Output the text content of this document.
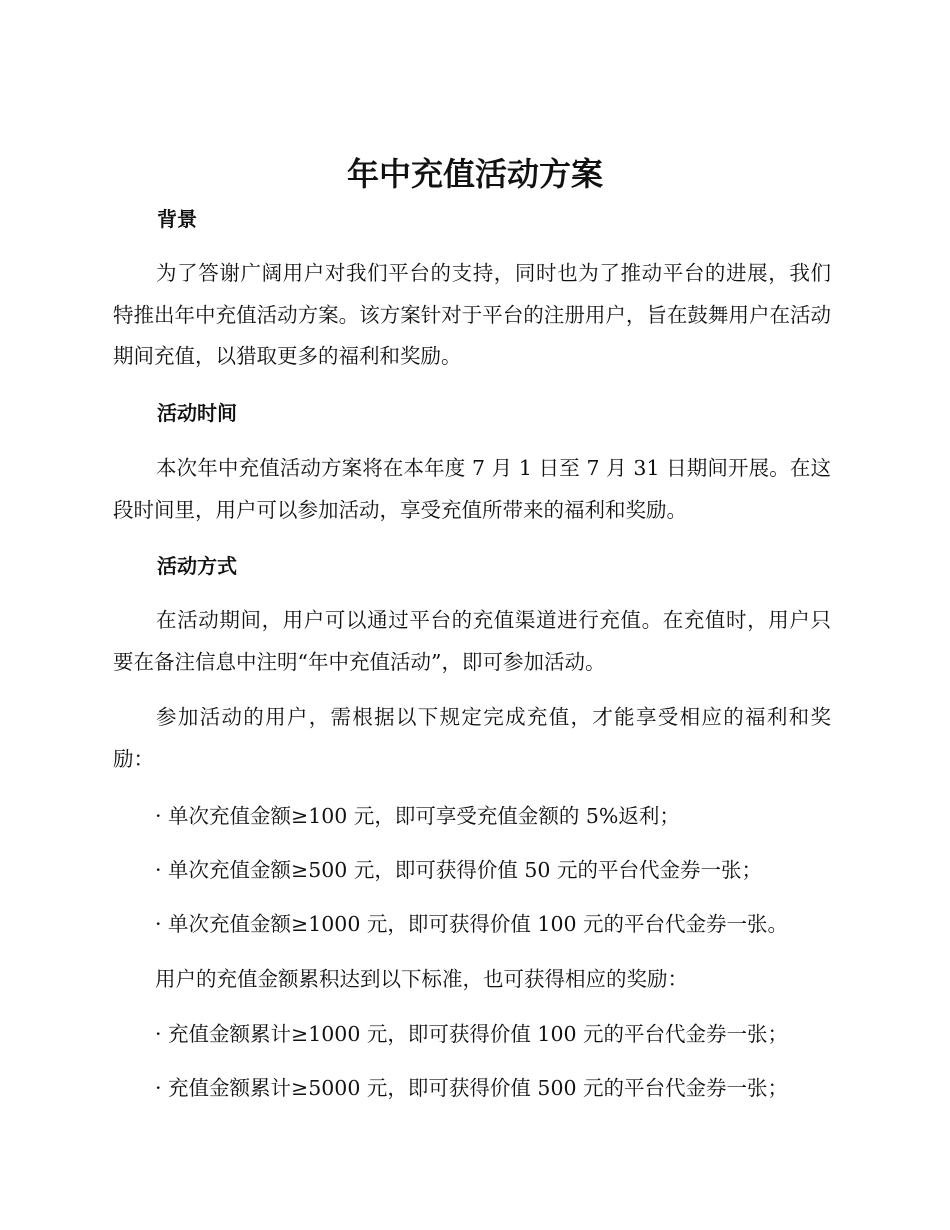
年中充值活动方案
背景

为了答谢广阔用户对我们平台的支持，同时也为了推动平台的进展，我们特推出年中充值活动方案。该方案针对于平台的注册用户，旨在鼓舞用户在活动期间充值，以猎取更多的福利和奖励。

活动时间

本次年中充值活动方案将在本年度 7 月 1 日至 7 月 31 日期间开展。在这段时间里，用户可以参加活动，享受充值所带来的福利和奖励。

活动方式

在活动期间，用户可以通过平台的充值渠道进行充值。在充值时，用户只要在备注信息中注明“年中充值活动”，即可参加活动。

参加活动的用户，需根据以下规定完成充值，才能享受相应的福利和奖励：

· 单次充值金额≥100 元，即可享受充值金额的 5%返利；

· 单次充值金额≥500 元，即可获得价值 50 元的平台代金券一张；

· 单次充值金额≥1000 元，即可获得价值 100 元的平台代金券一张。

用户的充值金额累积达到以下标准，也可获得相应的奖励：

· 充值金额累计≥1000 元，即可获得价值 100 元的平台代金券一张；

· 充值金额累计≥5000 元，即可获得价值 500 元的平台代金券一张；
